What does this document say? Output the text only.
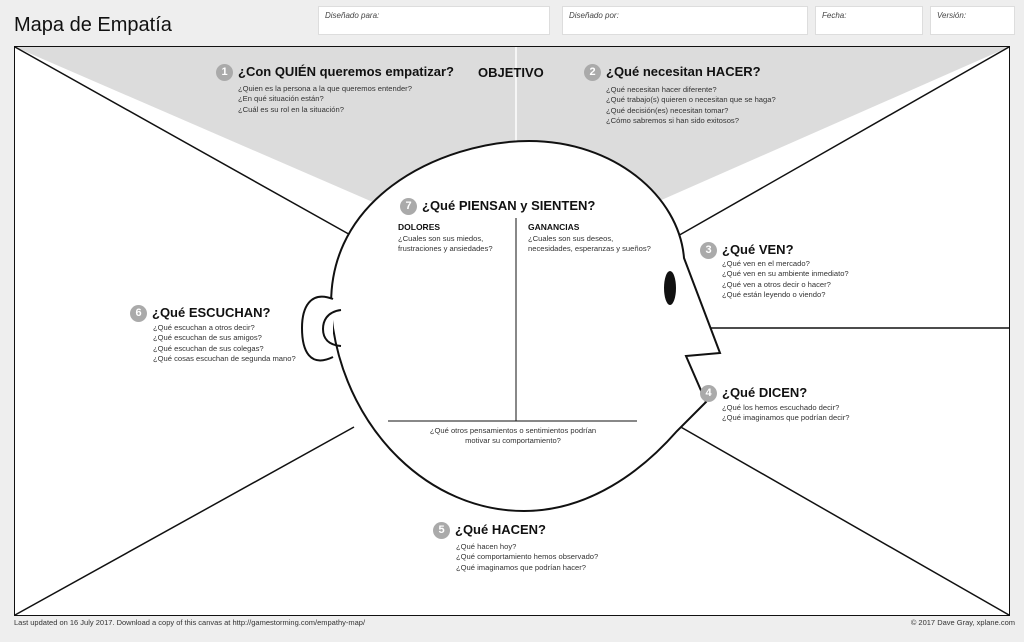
Mapa de Empatía	Diseñado para:	Diseñado por:	Fecha:	Versión:
OBJETIVO
1 ¿Con QUIÉN queremos empatizar?
¿Quien es la persona a la que queremos entender?
¿En qué situación están?
¿Cuál es su rol en la situación?
2 ¿Qué necesitan HACER?
¿Qué necesitan hacer diferente?
¿Qué trabajo(s) quieren o necesitan que se haga?
¿Qué decisión(es) necesitan tomar?
¿Cómo sabremos si han sido exitosos?
7 ¿Qué PIENSAN y SIENTEN?
DOLORES
¿Cuales son sus miedos,
frustraciones y ansiedades?
GANANCIAS
¿Cuales son sus deseos,
necesidades, esperanzas y sueños?
¿Qué otros pensamientos o sentimientos podrían
motivar su comportamiento?
3 ¿Qué VEN?
¿Qué ven en el mercado?
¿Qué ven en su ambiente inmediato?
¿Qué ven a otros decir o hacer?
¿Qué están leyendo o viendo?
4 ¿Qué DICEN?
¿Qué los hemos escuchado decir?
¿Qué imaginamos que podrían decir?
5 ¿Qué HACEN?
¿Qué hacen hoy?
¿Qué comportamiento hemos observado?
¿Qué imaginamos que podrían hacer?
6 ¿Qué ESCUCHAN?
¿Qué escuchan a otros decir?
¿Qué escuchan de sus amigos?
¿Qué escuchan de sus colegas?
¿Qué cosas escuchan de segunda mano?
Last updated on 16 July 2017. Download a copy of this canvas at http://gamestorming.com/empathy-map/	© 2017 Dave Gray, xplane.com
